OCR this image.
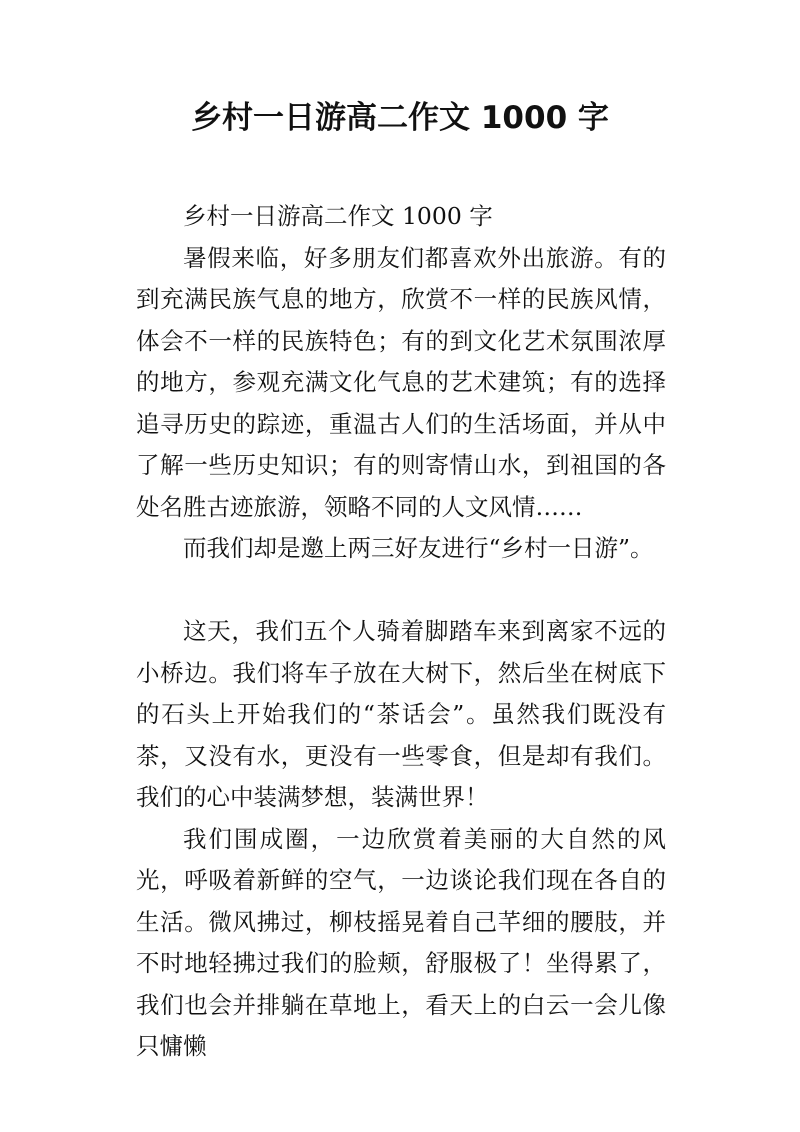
乡村一日游高二作文 1000 字

乡村一日游高二作文 1000 字

暑假来临，好多朋友们都喜欢外出旅游。有的到充满民族气息的地方，欣赏不一样的民族风情，体会不一样的民族特色；有的到文化艺术氛围浓厚的地方，参观充满文化气息的艺术建筑；有的选择追寻历史的踪迹，重温古人们的生活场面，并从中了解一些历史知识；有的则寄情山水，到祖国的各处名胜古迹旅游，领略不同的人文风情……

而我们却是邀上两三好友进行“乡村一日游”。

这天，我们五个人骑着脚踏车来到离家不远的小桥边。我们将车子放在大树下，然后坐在树底下的石头上开始我们的“茶话会”。虽然我们既没有茶，又没有水，更没有一些零食，但是却有我们。我们的心中装满梦想，装满世界！

我们围成圈，一边欣赏着美丽的大自然的风光，呼吸着新鲜的空气，一边谈论我们现在各自的生活。微风拂过，柳枝摇晃着自己芊细的腰肢，并不时地轻拂过我们的脸颊，舒服极了！坐得累了，我们也会并排躺在草地上，看天上的白云一会儿像只慵懒
